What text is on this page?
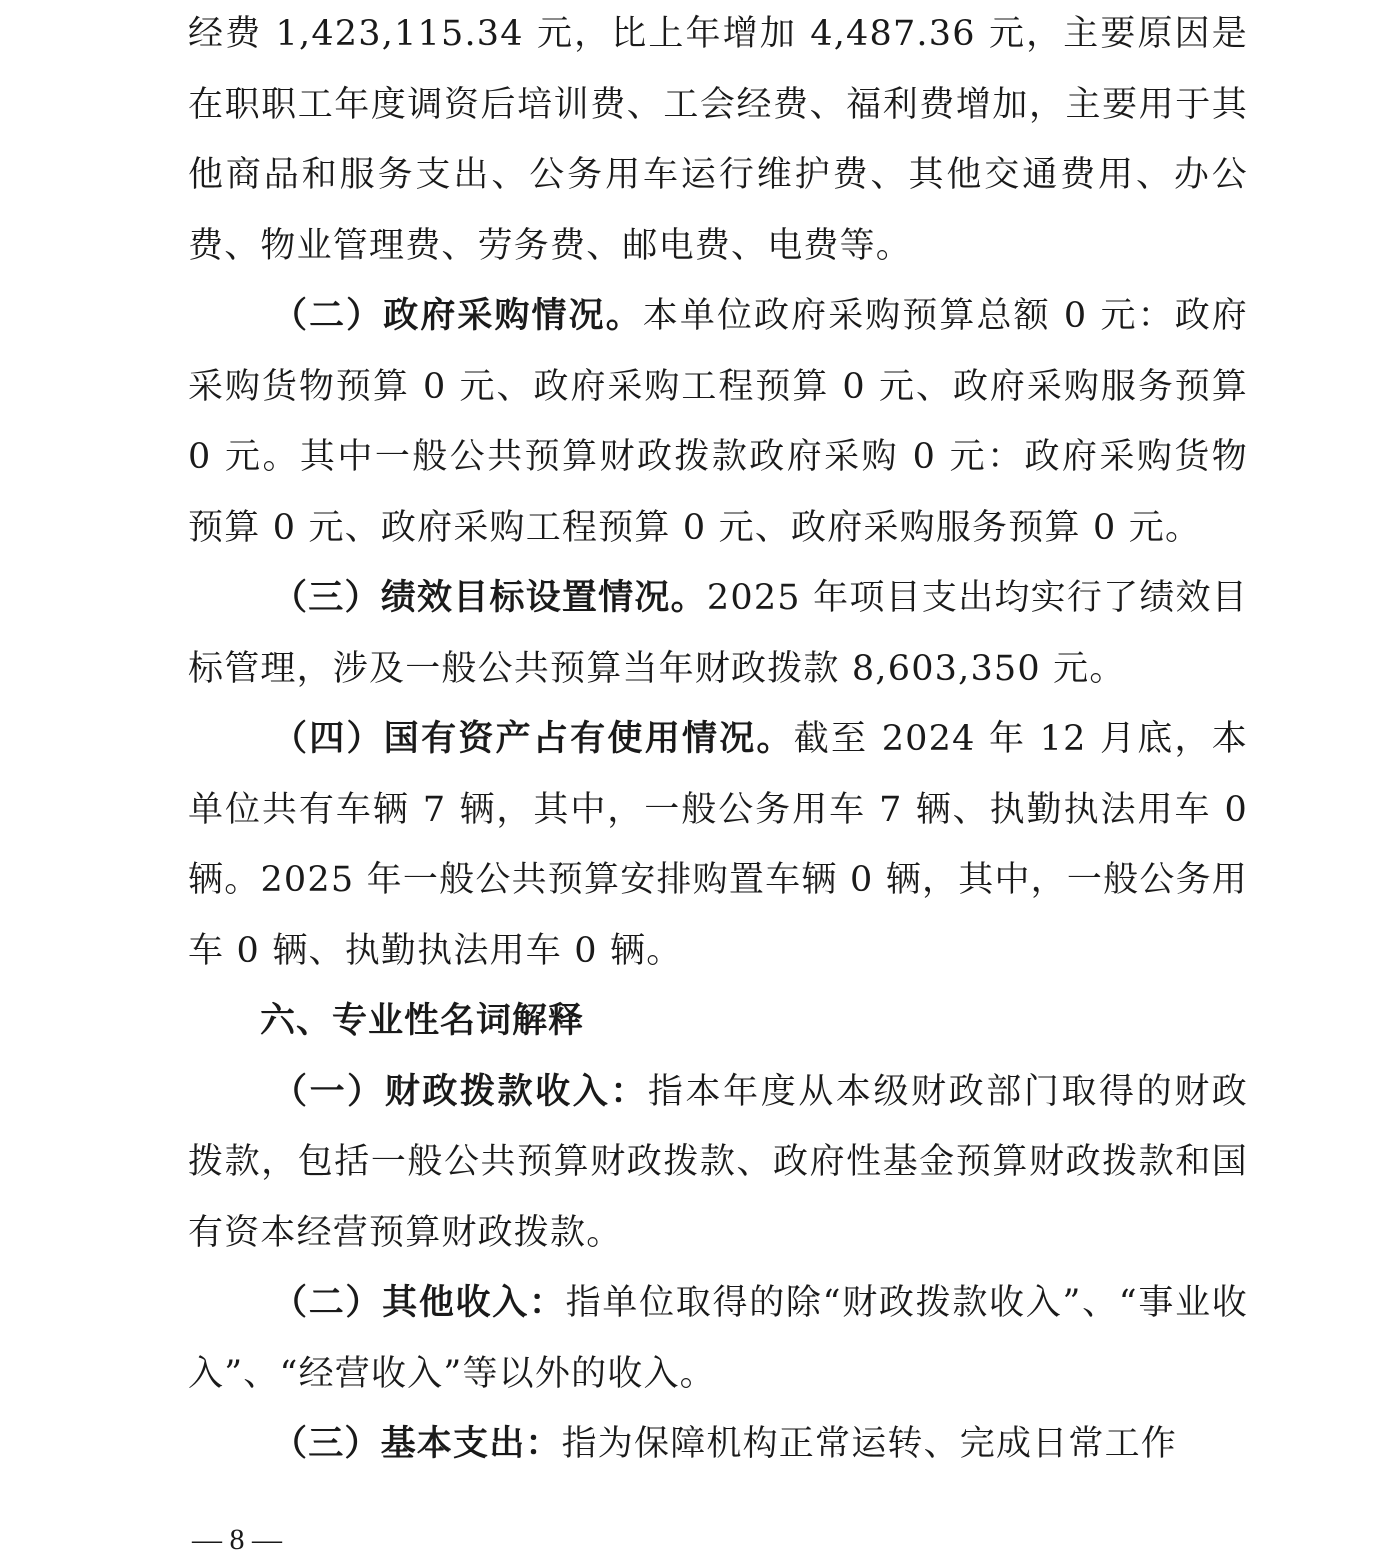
经费 1,423,115.34 元，比上年增加 4,487.36 元，主要原因是在职职工年度调资后培训费、工会经费、福利费增加，主要用于其他商品和服务支出、公务用车运行维护费、其他交通费用、办公费、物业管理费、劳务费、邮电费、电费等。

（二）政府采购情况。本单位政府采购预算总额 0 元：政府采购货物预算 0 元、政府采购工程预算 0 元、政府采购服务预算 0 元。其中一般公共预算财政拨款政府采购 0 元：政府采购货物预算 0 元、政府采购工程预算 0 元、政府采购服务预算 0 元。

（三）绩效目标设置情况。2025 年项目支出均实行了绩效目标管理，涉及一般公共预算当年财政拨款 8,603,350 元。

（四）国有资产占有使用情况。截至 2024 年 12 月底，本单位共有车辆 7 辆，其中，一般公务用车 7 辆、执勤执法用车 0 辆。2025 年一般公共预算安排购置车辆 0 辆，其中，一般公务用车 0 辆、执勤执法用车 0 辆。

六、专业性名词解释

（一）财政拨款收入：指本年度从本级财政部门取得的财政拨款，包括一般公共预算财政拨款、政府性基金预算财政拨款和国有资本经营预算财政拨款。

（二）其他收入：指单位取得的除“财政拨款收入”、“事业收入”、“经营收入”等以外的收入。

（三）基本支出：指为保障机构正常运转、完成日常工作

— 8 —
